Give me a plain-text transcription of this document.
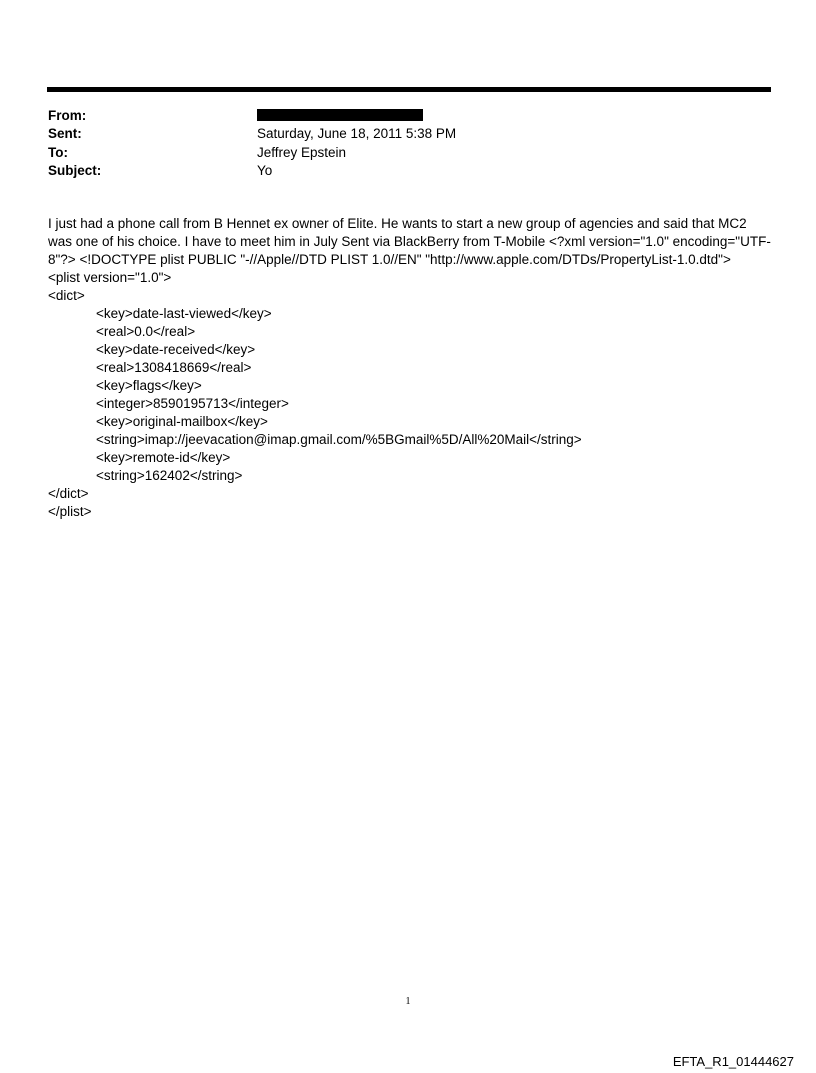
From:
Sent:	Saturday, June 18, 2011 5:38 PM
To:	Jeffrey Epstein
Subject:	Yo

I just had a phone call from B Hennet ex owner of Elite. He wants to start a new group of agencies and said that MC2

was one of his choice. I have to meet him in July Sent via BlackBerry from T-Mobile <?xml version="1.0" encoding="UTF-

8"?> <!DOCTYPE plist PUBLIC "-//Apple//DTD PLIST 1.0//EN" "http://www.apple.com/DTDs/PropertyList-1.0.dtd">

<plist version="1.0">

<dict>

<key>date-last-viewed</key>

<real>0.0</real>

<key>date-received</key>

<real>1308418669</real>

<key>flags</key>

<integer>8590195713</integer>

<key>original-mailbox</key>

<string>imap://jeevacation@imap.gmail.com/%5BGmail%5D/All%20Mail</string>

<key>remote-id</key>

<string>162402</string>

</dict>

</plist>

1
EFTA_R1_01444627
